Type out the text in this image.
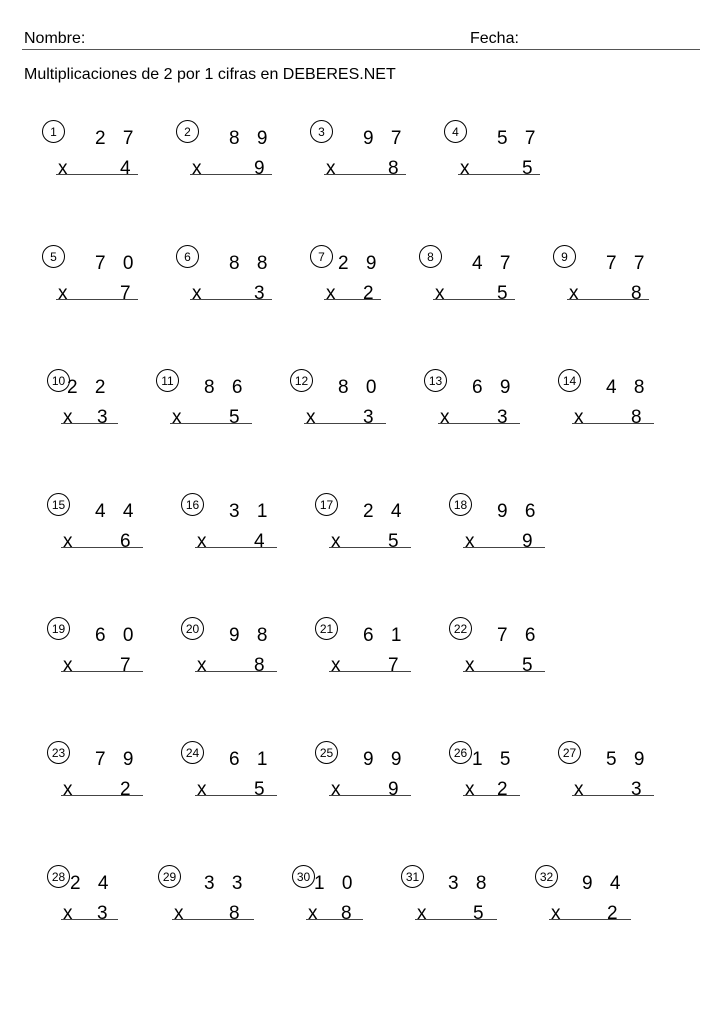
Nombre:	Fecha:
Multiplicaciones de 2 por 1 cifras en DEBERES.NET
1	2 7
x 4
2	8 9
x 9
3	9 7
x 8
4	5 7
x 5
5	7 0
x 7
6	8 8
x 3
7 2 9
x 2
8	4 7
x 5
9	7 7
x 8
10 2 2
x 3
11 8 6
x 5
12 8 0
x 3
13 6 9
x 3
14 4 8
x 8
15 4 4
x 6
16 3 1
x 4
17 2 4
x 5
18 9 6
x 9
19 6 0
x 7
20 9 8
x 8
21 6 1
x 7
22 7 6
x 5
23 7 9
x 2
24 6 1
x 5
25 9 9
x 9
26 1 5
x 2
27 5 9
x 3
28 2 4
x 3
29 3 3
x 8
30 1 0
x 8
31 3 8
x 5
32 9 4
x 2
